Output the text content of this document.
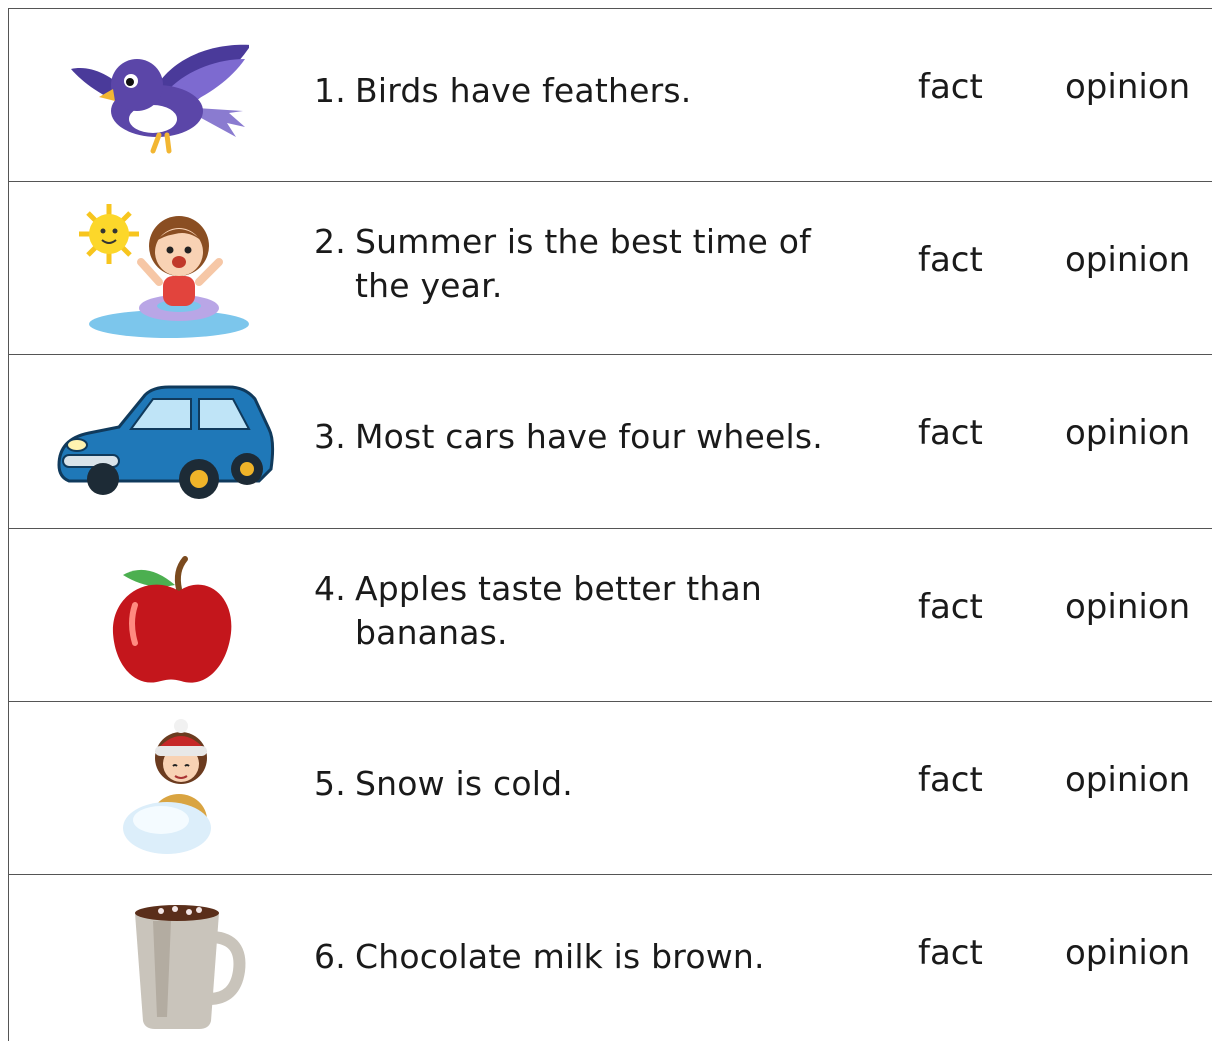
1. Birds have feathers.	fact opinion
2. Summer is the best time of
the year.
fact opinion
3. Most cars have four wheels.	fact opinion
4. Apples taste better than
bananas.
fact opinion
5. Snow is cold.	fact opinion
6. Chocolate milk is brown.	fact opinion
